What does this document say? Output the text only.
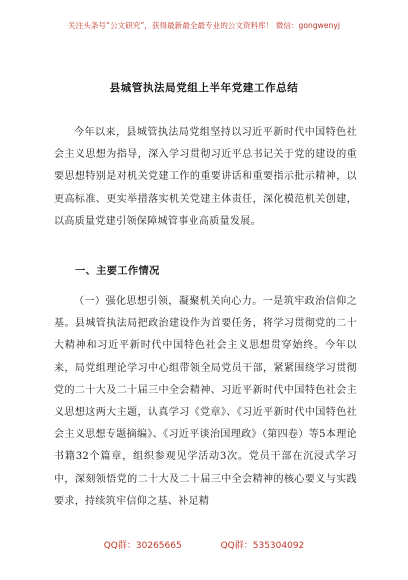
关注头条号“公文研究”，获得最新最全最专业的公文资料库！ 微信：gongwenyj
县城管执法局党组上半年党建工作总结

今年以来，县城管执法局党组坚持以习近平新时代中国特色社会主义思想为指导，深入学习贯彻习近平总书记关于党的建设的重要思想特别是对机关党建工作的重要讲话和重要指示批示精神，以更高标准、更实举措落实机关党建主体责任，深化模范机关创建，以高质量党建引领保障城管事业高质量发展。

一、主要工作情况

（一）强化思想引领，凝聚机关向心力。一是筑牢政治信仰之基。县城管执法局把政治建设作为首要任务，将学习贯彻党的二十大精神和习近平新时代中国特色社会主义思想贯穿始终。今年以来，局党组理论学习中心组带领全局党员干部，紧紧围绕学习贯彻党的二十大及二十届三中全会精神、习近平新时代中国特色社会主义思想这两大主题，认真学习《党章》、《习近平新时代中国特色社会主义思想专题摘编》、《习近平谈治国理政》（第四卷）等5本理论书籍32个篇章，组织参观见学活动3次。党员干部在沉浸式学习中，深刻领悟党的二十大及二十届三中全会精神的核心要义与实践要求，持续筑牢信仰之基、补足精

QQ群：30265665	QQ群：535304092
